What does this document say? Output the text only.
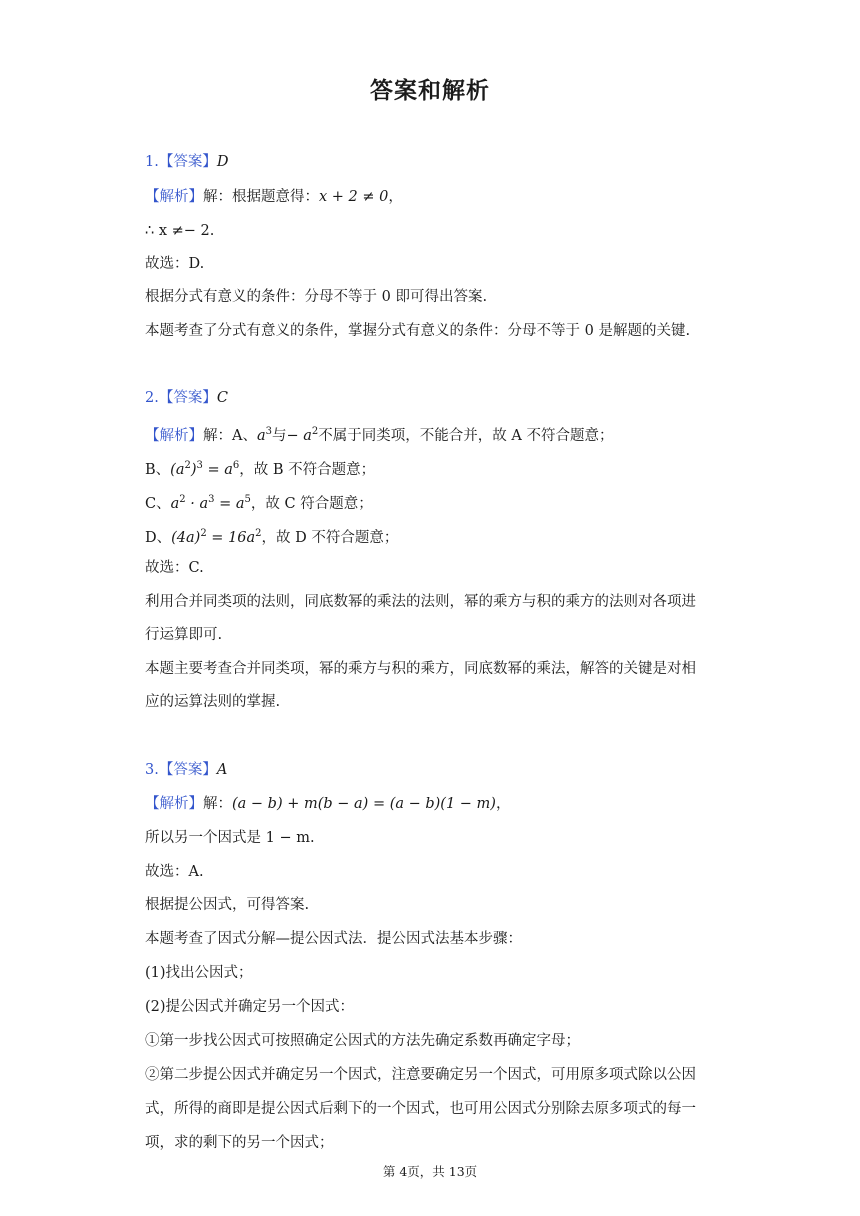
答案和解析
1.【答案】D
【解析】解：根据题意得：x + 2 ≠ 0，
∴ x ≠− 2.
故选：D.
根据分式有意义的条件：分母不等于 0 即可得出答案.
本题考查了分式有意义的条件，掌握分式有意义的条件：分母不等于 0 是解题的关键.
2.【答案】C
【解析】解：A、$a^3$与− $a^2$不属于同类项，不能合并，故 A 不符合题意；
B、$(a^2)^3 = a^6$，故 B 不符合题意；
C、$a^2 \cdot a^3 = a^5$，故 C 符合题意；
D、$(4a)^2 = 16a^2$，故 D 不符合题意；
故选：C.
利用合并同类项的法则，同底数幂的乘法的法则，幂的乘方与积的乘方的法则对各项进
行运算即可.
本题主要考查合并同类项，幂的乘方与积的乘方，同底数幂的乘法，解答的关键是对相
应的运算法则的掌握.
3.【答案】A
【解析】解：(a − b) + m(b − a) = (a − b)(1 − m)，
所以另一个因式是 1 − m.
故选：A.
根据提公因式，可得答案.
本题考查了因式分解—提公因式法．提公因式法基本步骤：
(1)找出公因式；
(2)提公因式并确定另一个因式：
①第一步找公因式可按照确定公因式的方法先确定系数再确定字母；
②第二步提公因式并确定另一个因式，注意要确定另一个因式，可用原多项式除以公因
式，所得的商即是提公因式后剩下的一个因式，也可用公因式分别除去原多项式的每一
项，求的剩下的另一个因式；
第 4页，共 13页
